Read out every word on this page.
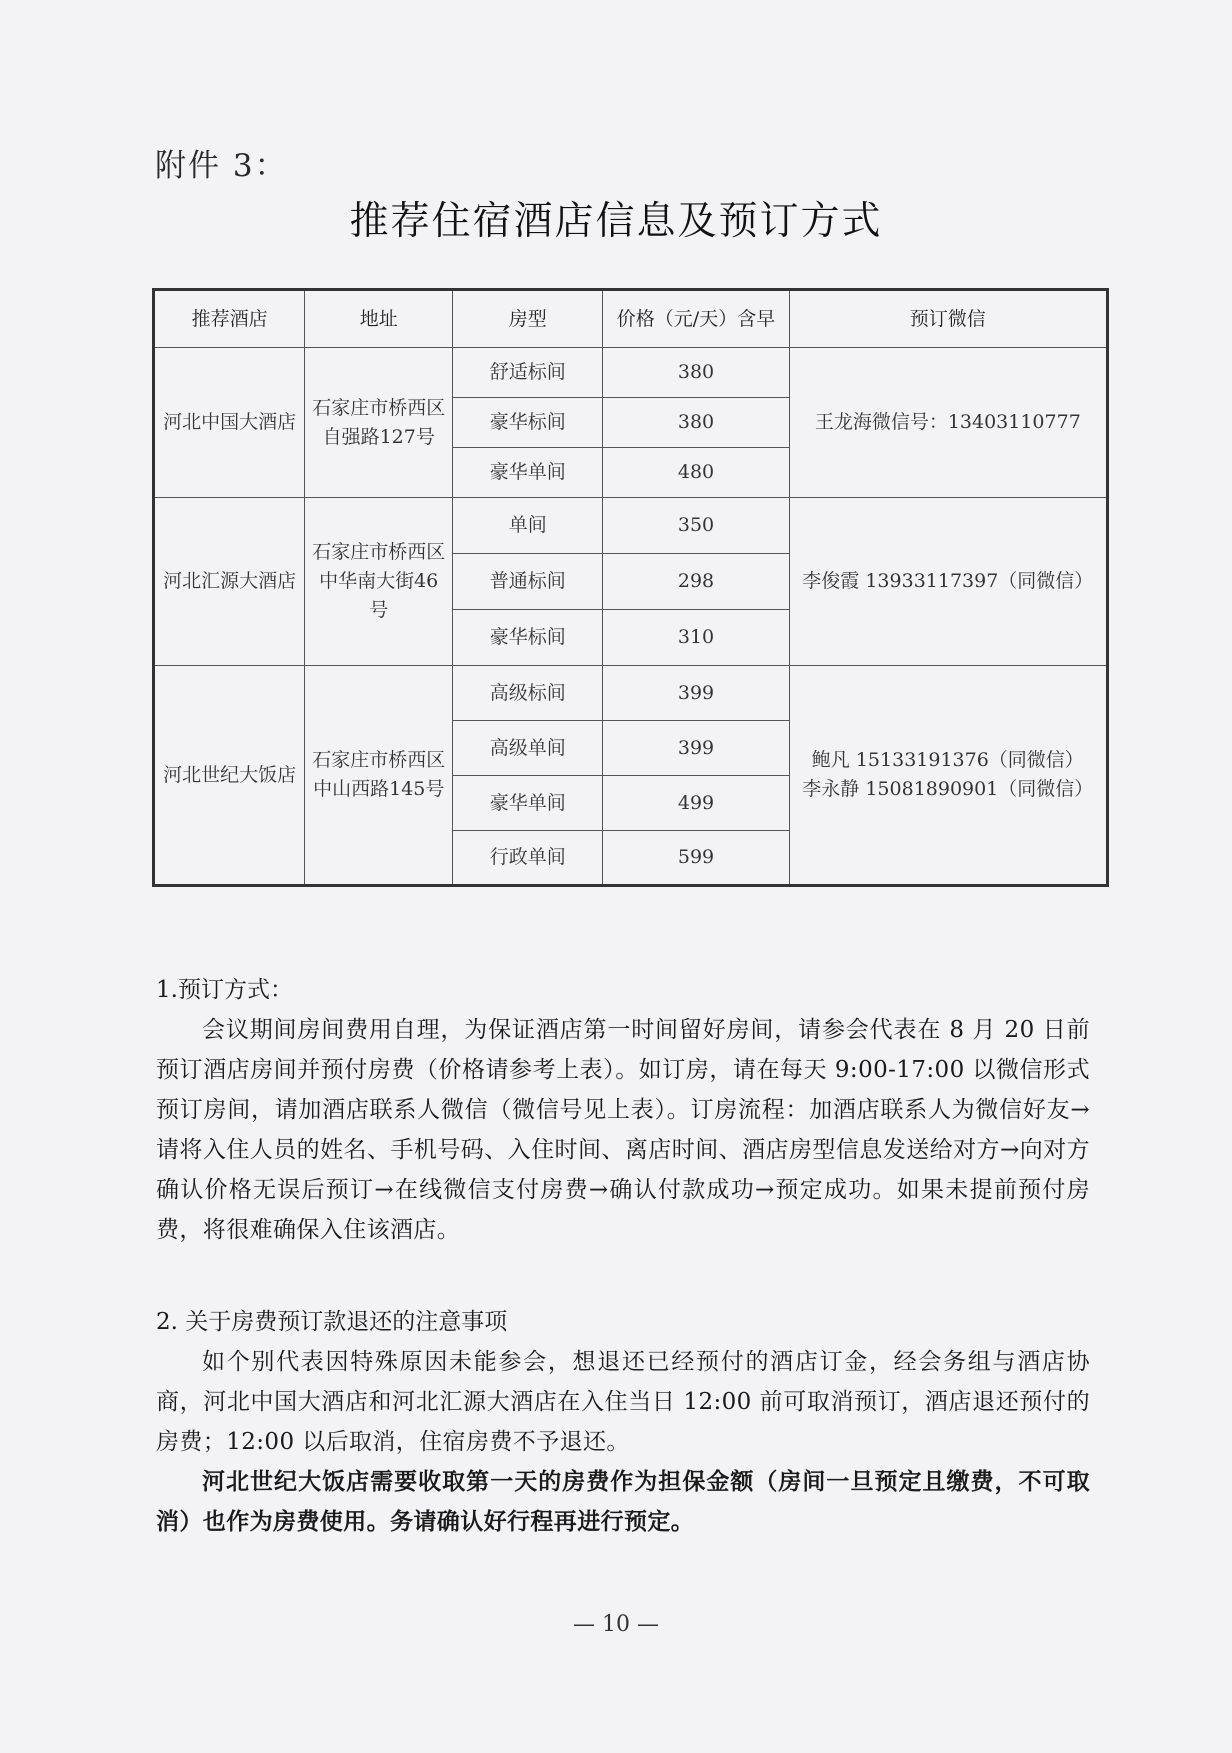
附件 3：
推荐住宿酒店信息及预订方式
推荐酒店	地址	房型	价格（元/天）含早	预订微信
河北中国大酒店	石家庄市桥西区自强路127号	舒适标间	380	王龙海微信号：13403110777

		豪华标间	380	
		豪华单间	480	
河北汇源大酒店	石家庄市桥西区中华南大街46号	单间	350	李俊霞 13933117397（同微信）

		普通标间	298	
		豪华标间	310	
河北世纪大饭店	石家庄市桥西区中山西路145号	高级标间	399	鲍凡 15133191376（同微信）
李永静 15081890901（同微信）

		高级单间	399	
		豪华单间	499	
		行政单间	599	

1.预订方式：

会议期间房间费用自理，为保证酒店第一时间留好房间，请参会代表在 8 月 20 日前预订酒店房间并预付房费（价格请参考上表）。如订房，请在每天 9:00-17:00 以微信形式预订房间，请加酒店联系人微信（微信号见上表）。订房流程：加酒店联系人为微信好友→请将入住人员的姓名、手机号码、入住时间、离店时间、酒店房型信息发送给对方→向对方确认价格无误后预订→在线微信支付房费→确认付款成功→预定成功。如果未提前预付房费，将很难确保入住该酒店。

2. 关于房费预订款退还的注意事项

如个别代表因特殊原因未能参会，想退还已经预付的酒店订金，经会务组与酒店协商，河北中国大酒店和河北汇源大酒店在入住当日 12:00 前可取消预订，酒店退还预付的房费；12:00 以后取消，住宿房费不予退还。

河北世纪大饭店需要收取第一天的房费作为担保金额（房间一旦预定且缴费，不可取消）也作为房费使用。务请确认好行程再进行预定。

— 10 —
